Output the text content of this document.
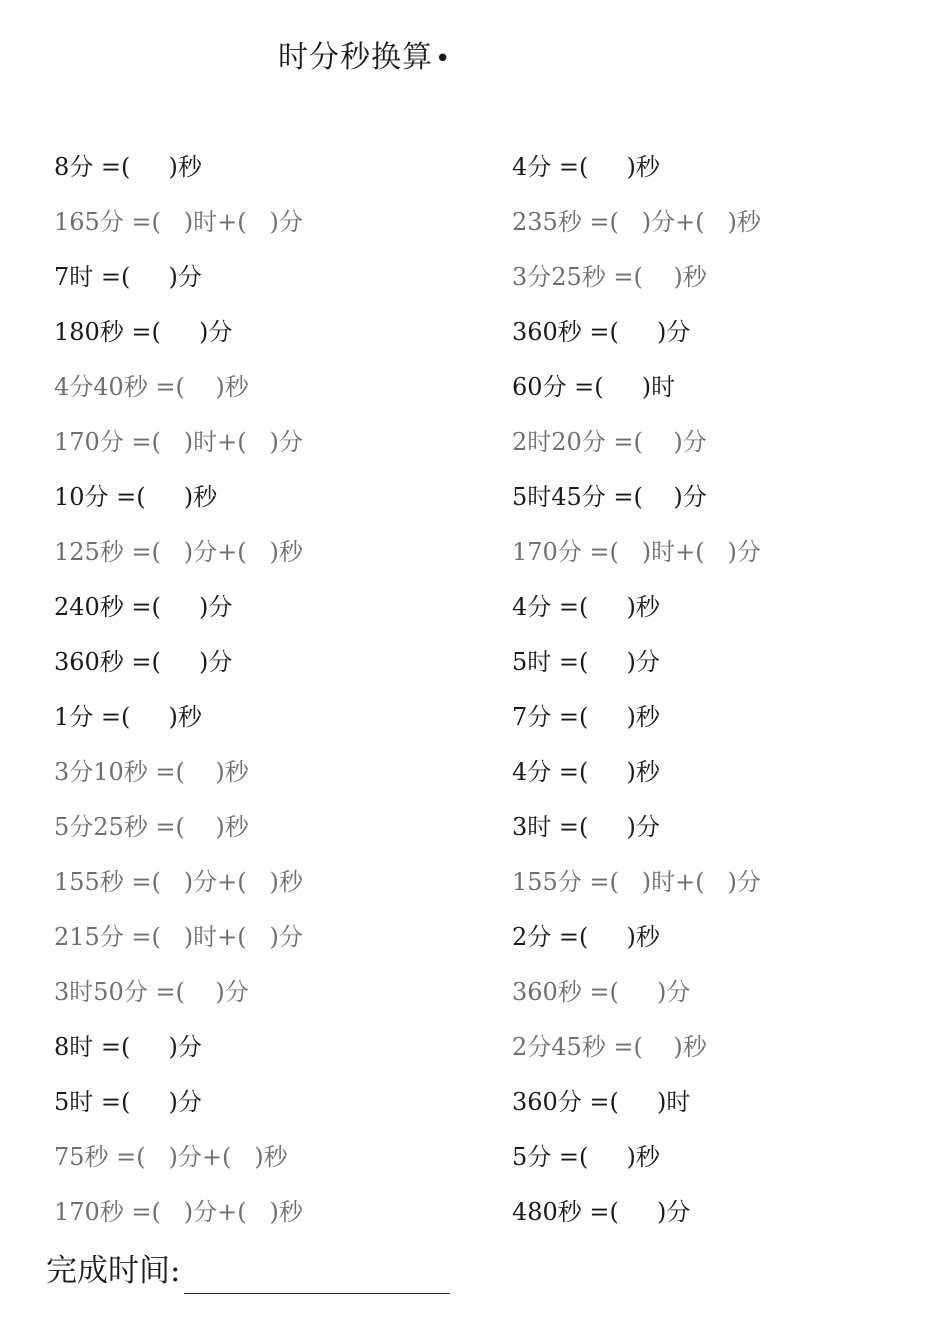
时分秒换算•
8分 =(     )秒	4分 =(     )秒
165分 =(   )时+(   )分	235秒 =(   )分+(   )秒
7时 =(     )分	3分25秒 =(    )秒
180秒 =(     )分	360秒 =(     )分
4分40秒 =(    )秒	60分 =(     )时
170分 =(   )时+(   )分	2时20分 =(    )分
10分 =(     )秒	5时45分 =(    )分
125秒 =(   )分+(   )秒	170分 =(   )时+(   )分
240秒 =(     )分	4分 =(     )秒
360秒 =(     )分	5时 =(     )分
1分 =(     )秒	7分 =(     )秒
3分10秒 =(    )秒	4分 =(     )秒
5分25秒 =(    )秒	3时 =(     )分
155秒 =(   )分+(   )秒	155分 =(   )时+(   )分
215分 =(   )时+(   )分	2分 =(     )秒
3时50分 =(    )分	360秒 =(     )分
8时 =(     )分	2分45秒 =(    )秒
5时 =(     )分	360分 =(     )时
75秒 =(   )分+(   )秒	5分 =(     )秒
170秒 =(   )分+(   )秒	480秒 =(     )分
完成时间:
